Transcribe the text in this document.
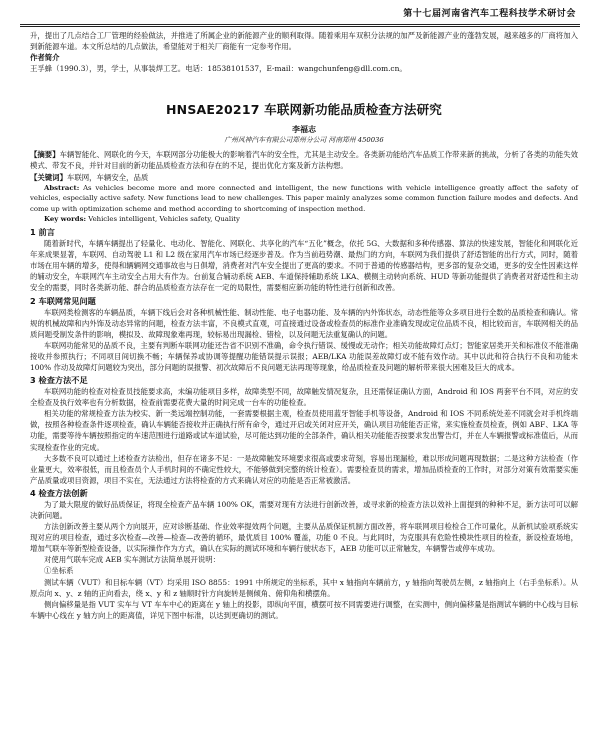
第十七届河南省汽车工程科技学术研讨会

升，提出了几点结合工厂管理的经验做法，并推进了所属企业的新能源产业的顺利取得。随着乘用车双积分法规的加严及新能源产业的蓬勃发展，越来越多的厂商将加入到新能源车道。本文所总结的几点做法，希望能对于相关厂商能有一定参考作用。

作者简介

王孚蜂（1990.3），男，学士，从事装焊工艺。电话：18538101537，E-mail：wangchunfeng@dll.com.cn。

HNSAE20217 车联网新功能品质检查方法研究
李福志
广州风神汽车有限公司郑州分公司 河南郑州 450036

【摘要】车辆智能化、网联化的今天，车联网部分功能极大的影响着汽车的安全性，尤其是主动安全。各类新功能给汽车品质工作带来新的挑战，分析了各类的功能失效模式、带发不良，并针对目前的新功能品质检查方法和存在的不足，提出优化方案及新方法构想。

【关键词】车联网，车辆安全，品质

Abstract: As vehicles become more and more connected and intelligent, the new functions with vehicle intelligence greatly affect the safety of vehicles, especially active safety. New functions lead to new challenges. This paper mainly analyzes some common function failure modes and defects. And come up with optimization scheme and method according to shortcoming of inspection method.

Key words: Vehicles intelligent, Vehicles safety, Quality

1 前言

随着新时代，车辆车辆提出了轻量化、电动化、智能化、网联化、共享化的汽车“五化”概念，依托 5G、大数据和多种传感器、算法的快速发展，智能化和网联化近年来成果显著，车联网、自动驾驶 L1 和 L2 级在家用汽车市场已经逐步普及。作为当前趋势潮、最热门的方向，车联网为我们提供了舒适智能的出行方式，同时，随着市场在用车辆的增多，使得和辆辆网交通事故也与日俱增，消费者对汽车安全提出了更高的要求。不同于普通的传感器结构，更多部的复杂交通，更多的安全性因素这样的辅动安全，车联网汽车主动安全占用大有作为。台前复合辅动系统 AEB、车道保持辅助系统 LKA、横侧主动转向系统、HUD 等新功能提供了消费者对舒适性和主动安全的需要，同时各类新功能、群合的品质检查方法存在一定的局限性，需要相应新功能的特性进行创新和改善。

2 车联网常见问题

车联网类检测客的车辆品质，车辆下线后会对各种机械性能、制动性能、电子电器功能、及车辆的内外饰状态，动态性能等众多项目进行全数的品质检查和确认。常规的机械故障和内外饰及动态异常的问题，检查方法丰富，不良模式直观，可直接通过设备或检查员的标准作业准确发现或定位品质不良，相比较而言，车联网相关的品质问题受制发条件的影响，模拟及、故障现象难再现，较标易出现漏检、错检，以及问题无法重复确认的问题。

车联网功能常见的品质不良，主要有判断车联网功能还告省不识别不准确，命令执行错误、缓慢或无动作；相关功能故障灯点灯；智能家居类开关和标准仪不能准确接收并参照执行；不同项目间切换不畅；车辆保养或协调等提醒功能错误提示误报；AEB/LKA 功能误差故障灯或不能有效作动。其中以此和符合执行不良和功能未 100% 作动及故障灯问题较为突出，部分问题的误报警、初次故障后不良问题无法再现等现象，给品质检查及问题的解析带来很大困难及巨大的成本。

3 检查方法不足

车联网功能的检查对检查员技能要求高，未编功能项目多样，故障类型不同，故障触发情况复杂，且还需保证确认方面，Android 和 IOS 两套平台不同，对应的安全检查及执行效率也有分析数据，检查前需要花费大量的时间完成一台车的功能检查。

相关功能的常规检查方法为校实、新一类远端控制功能，一套需要根据主观，检查员使用蓝牙智能手机等设备，Android 和 IOS 不同系统处差不同就会对手机终端做，按照各种检查条件逐项检查，确认车辆能否接收并正确执行所有命令，通过开启或关闭对应开关，确认项目功能能否正常，来实施检查员检查，例如 ABF、LKA 等功能，需要等待车辆按照指定的车速范围进行道路或试车道试验，尽可能达到功能的全部条件，确认相关功能能否按要求发出警告灯，并在人车辆报警或标准值后，从而实现检查作业的完成。

大多数不良可以通过上述检查方法检出，但存在诸多不足：一是故障触发环境要求很高或要求苛刻，容易出现漏检，难以形成问题再现数据；二是这种方法检查（作业量更大，效率很低，而且检查员个人手机时间的不确定性较大，不能够做到完整的统计检查）。需要检查员的需求，增加品质检查的工作时，对部分对策有效需要实施产品质量或项目资源，项目不实在，无法通过方法将检查的方式来确认对应的功能是否正常被激活。

4 检查方法创新

为了最大限度的做好品质保证，将现全检查产品车辆 100% OK，需要对现有方法进行创新改善，或寻求新的检查方法以效补上面提到的种种不足，新方法可可以解决新问题。

方法创新改善主要从两个方向展开，应对诊断基础、作业效率提效两个问题，主要从品质保证机制方面改善，将车联网项目检检合工作可量化，从新机试验项系统实现对应的项目检查，通过多次检查—改善—检查—改善的循环，最优质目 100% 覆盖，功能 0 不良。与此同时，为克服具有危险性模块性项目的检查，新设检查场地，增加气联车等新型检查设备，以实际操作作为方式，确认在实际的测试环境和车辆行驶状态下，AEB 功能可以正常触发，车辆警告或停车成功。

对使用气联车完成 AEB 实车测试方法简单展开说明：

①坐标系

测试车辆（VUT）和目标车辆（VT）均采用 ISO 8855：1991 中所规定的坐标系，其中 x 轴指向车辆前方，y 轴指向驾驶员左侧，z 轴指向上（右手坐标系）。从原点向 x、y、z 轴的正向看去，绕 x、y 和 z 轴顺时针方向旋转是侧倾角、俯仰角和横摆角。

侧向偏移量是指 VUT 实车与 VT 车车中心的距离在 y 轴上的投影，即纵向平面，横摆可按不同需要进行调整，在实测中，侧向偏移量是指测试车辆的中心线与目标车辆中心线在 y 轴方向上的距离值，详见下图中标准，以达到更确切的测试。
